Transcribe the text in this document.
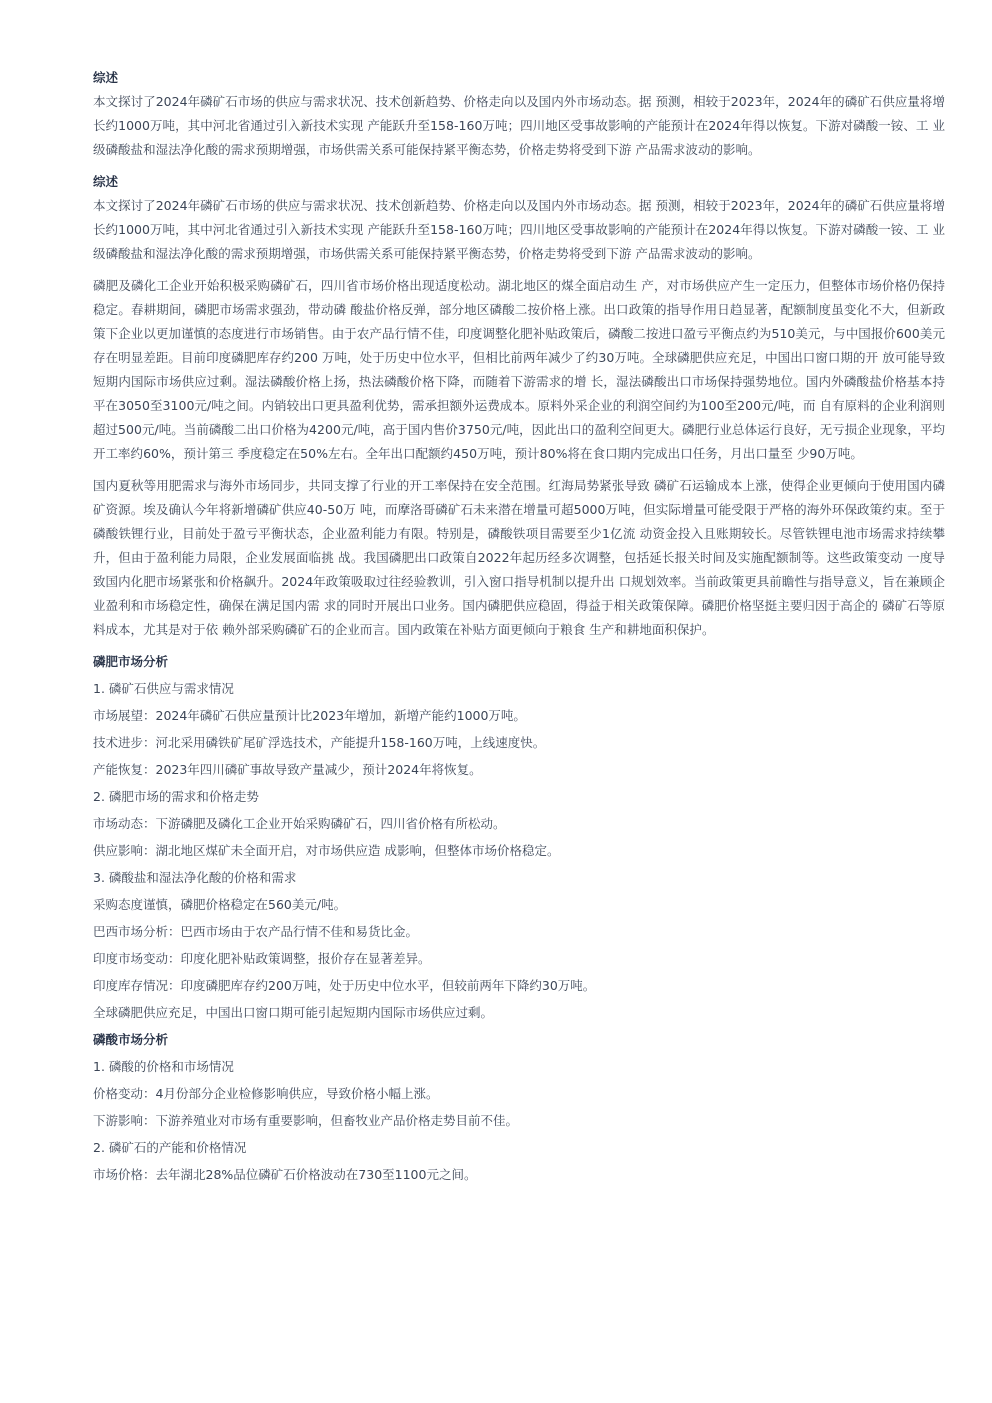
综述

本文探讨了2024年磷矿石市场的供应与需求状况、技术创新趋势、价格走向以及国内外市场动态。据 预测，相较于2023年，2024年的磷矿石供应量将增长约1000万吨，其中河北省通过引入新技术实现 产能跃升至158-160万吨；四川地区受事故影响的产能预计在2024年得以恢复。下游对磷酸一铵、工 业级磷酸盐和湿法净化酸的需求预期增强，市场供需关系可能保持紧平衡态势，价格走势将受到下游 产品需求波动的影响。

综述

本文探讨了2024年磷矿石市场的供应与需求状况、技术创新趋势、价格走向以及国内外市场动态。据 预测，相较于2023年，2024年的磷矿石供应量将增长约1000万吨，其中河北省通过引入新技术实现 产能跃升至158-160万吨；四川地区受事故影响的产能预计在2024年得以恢复。下游对磷酸一铵、工 业级磷酸盐和湿法净化酸的需求预期增强，市场供需关系可能保持紧平衡态势，价格走势将受到下游 产品需求波动的影响。

磷肥及磷化工企业开始积极采购磷矿石，四川省市场价格出现适度松动。湖北地区的煤全面启动生 产，对市场供应产生一定压力，但整体市场价格仍保持稳定。春耕期间，磷肥市场需求强劲，带动磷 酸盐价格反弹，部分地区磷酸二按价格上涨。出口政策的指导作用日趋显著，配额制度虽变化不大，但新政策下企业以更加谨慎的态度进行市场销售。由于农产品行情不佳，印度调整化肥补贴政策后，磷酸二按进口盈亏平衡点约为510美元，与中国报价600美元存在明显差距。目前印度磷肥库存约200 万吨，处于历史中位水平，但相比前两年减少了约30万吨。全球磷肥供应充足，中国出口窗口期的开 放可能导致短期内国际市场供应过剩。湿法磷酸价格上扬，热法磷酸价格下降，而随着下游需求的增 长，湿法磷酸出口市场保持强势地位。国内外磷酸盐价格基本持平在3050至3100元/吨之间。内销较出口更具盈利优势，需承担额外运费成本。原料外采企业的利润空间约为100至200元/吨，而 自有原料的企业利润则超过500元/吨。当前磷酸二出口价格为4200元/吨，高于国内售价3750元/吨，因此出口的盈利空间更大。磷肥行业总体运行良好，无亏损企业现象，平均开工率约60%，预计第三 季度稳定在50%左右。全年出口配额约450万吨，预计80%将在食口期内完成出口任务，月出口量至 少90万吨。

国内夏秋等用肥需求与海外市场同步，共同支撑了行业的开工率保持在安全范围。红海局势紧张导致 磷矿石运输成本上涨，使得企业更倾向于使用国内磷矿资源。埃及确认今年将新增磷矿供应40-50万 吨，而摩洛哥磷矿石未来潜在增量可超5000万吨，但实际增量可能受限于严格的海外环保政策约束。至于磷酸铁锂行业，目前处于盈亏平衡状态，企业盈利能力有限。特别是，磷酸铁项目需要至少1亿流 动资金投入且账期较长。尽管铁锂电池市场需求持续攀升，但由于盈利能力局限，企业发展面临挑 战。我国磷肥出口政策自2022年起历经多次调整，包括延长报关时间及实施配额制等。这些政策变动 一度导致国内化肥市场紧张和价格飙升。2024年政策吸取过往经验教训，引入窗口指导机制以提升出 口规划效率。当前政策更具前瞻性与指导意义，旨在兼顾企业盈利和市场稳定性，确保在满足国内需 求的同时开展出口业务。国内磷肥供应稳固，得益于相关政策保障。磷肥价格坚挺主要归因于高企的 磷矿石等原料成本，尤其是对于依 赖外部采购磷矿石的企业而言。国内政策在补贴方面更倾向于粮食 生产和耕地面积保护。

磷肥市场分析

1. 磷矿石供应与需求情况

市场展望：2024年磷矿石供应量预计比2023年增加，新增产能约1000万吨。

技术进步：河北采用磷铁矿尾矿浮选技术，产能提升158-160万吨，上线速度快。

产能恢复：2023年四川磷矿事故导致产量减少，预计2024年将恢复。

2. 磷肥市场的需求和价格走势

市场动态：下游磷肥及磷化工企业开始采购磷矿石，四川省价格有所松动。

供应影响：湖北地区煤矿未全面开启，对市场供应造 成影响，但整体市场价格稳定。

3. 磷酸盐和湿法净化酸的价格和需求

采购态度谨慎，磷肥价格稳定在560美元/吨。

巴西市场分析：巴西市场由于农产品行情不佳和易货比金。

印度市场变动：印度化肥补贴政策调整，报价存在显著差异。

印度库存情况：印度磷肥库存约200万吨，处于历史中位水平，但较前两年下降约30万吨。

全球磷肥供应充足，中国出口窗口期可能引起短期内国际市场供应过剩。

磷酸市场分析

1. 磷酸的价格和市场情况

价格变动：4月份部分企业检修影响供应，导致价格小幅上涨。

下游影响：下游养殖业对市场有重要影响，但畜牧业产品价格走势目前不佳。

2. 磷矿石的产能和价格情况

市场价格：去年湖北28%品位磷矿石价格波动在730至1100元之间。
